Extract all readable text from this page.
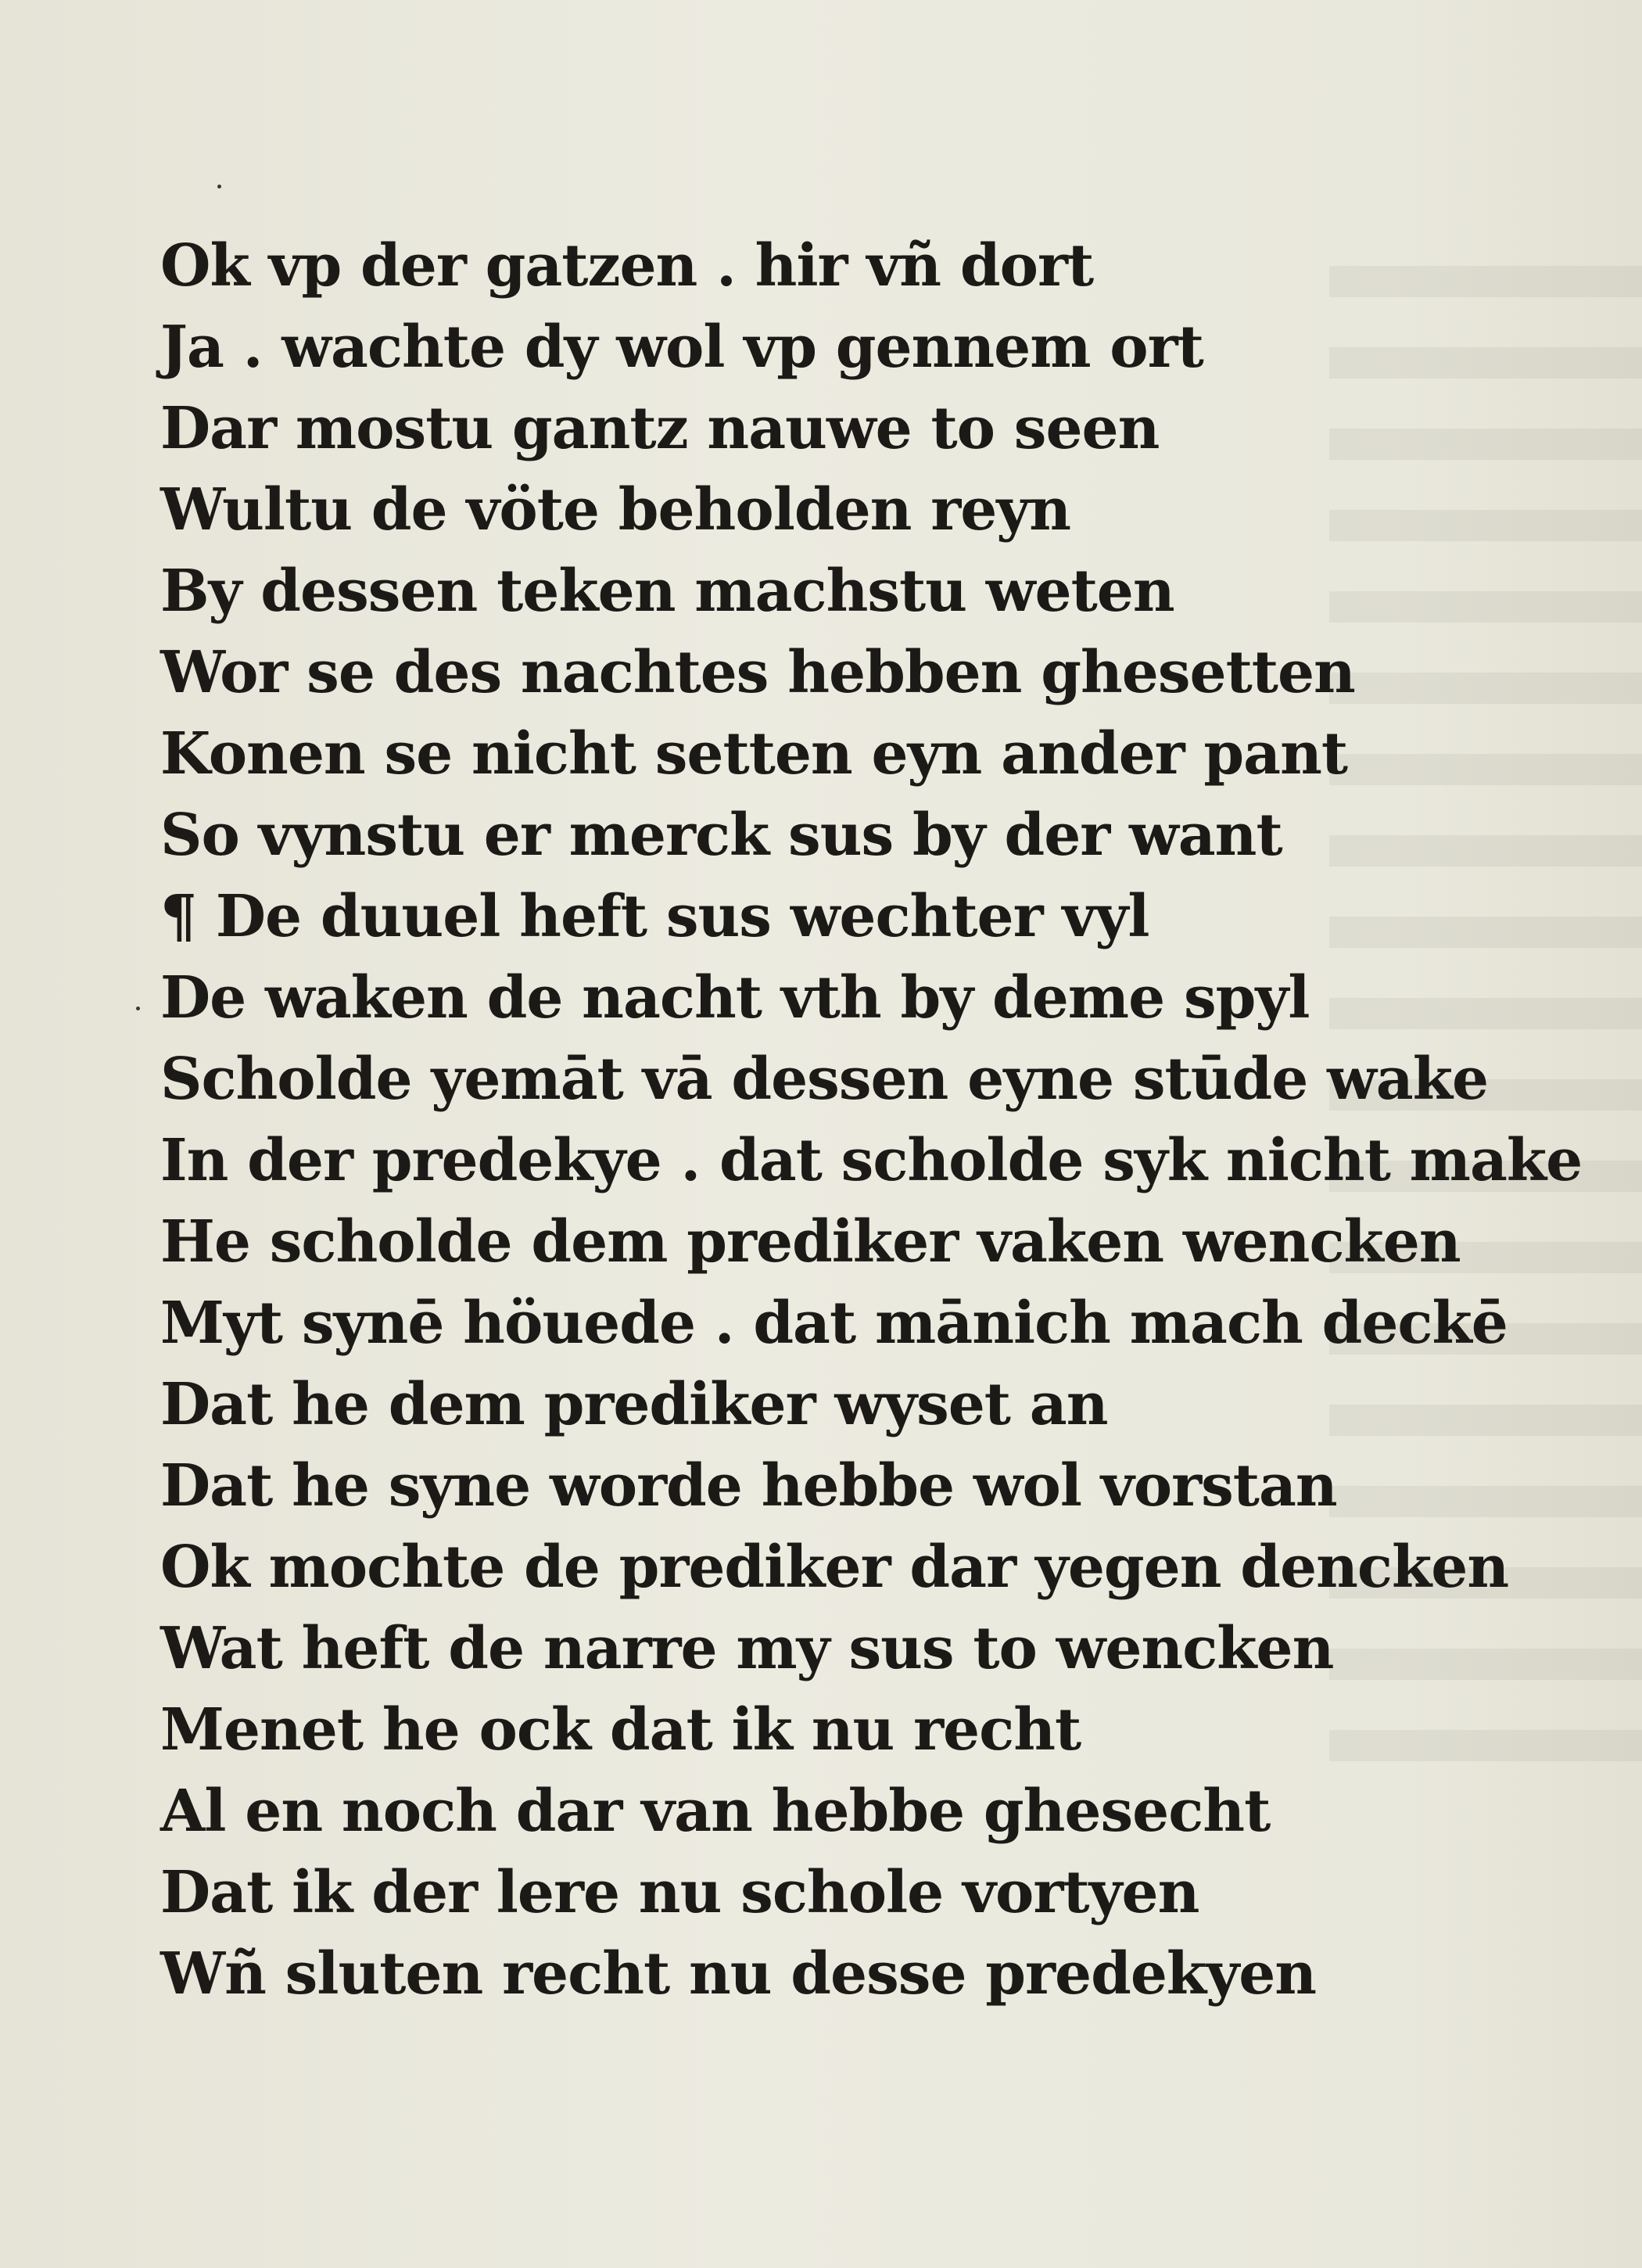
Ok vp der gatzen . hir vñ dort
Ja . wachte dy wol vp gennem ort
Dar mostu gantz nauwe to seen
Wultu de vöte beholden reyn
By dessen teken machstu weten
Wor se des nachtes hebben ghesetten
Konen se nicht setten eyn ander pant
So vynstu er merck sus by der want
¶ De duuel heft sus wechter vyl
De waken de nacht vth by deme spyl
Scholde yemāt vā dessen eyne stūde wake
In der predekye . dat scholde syk nicht make
He scholde dem prediker vaken wencken
Myt synē höuede . dat mānich mach deckē
Dat he dem prediker wyset an
Dat he syne worde hebbe wol vorstan
Ok mochte de prediker dar yegen dencken
Wat heft de narre my sus to wencken
Menet he ock dat ik nu recht
Al en noch dar van hebbe ghesecht
Dat ik der lere nu schole vortyen
Wñ sluten recht nu desse predekyen
